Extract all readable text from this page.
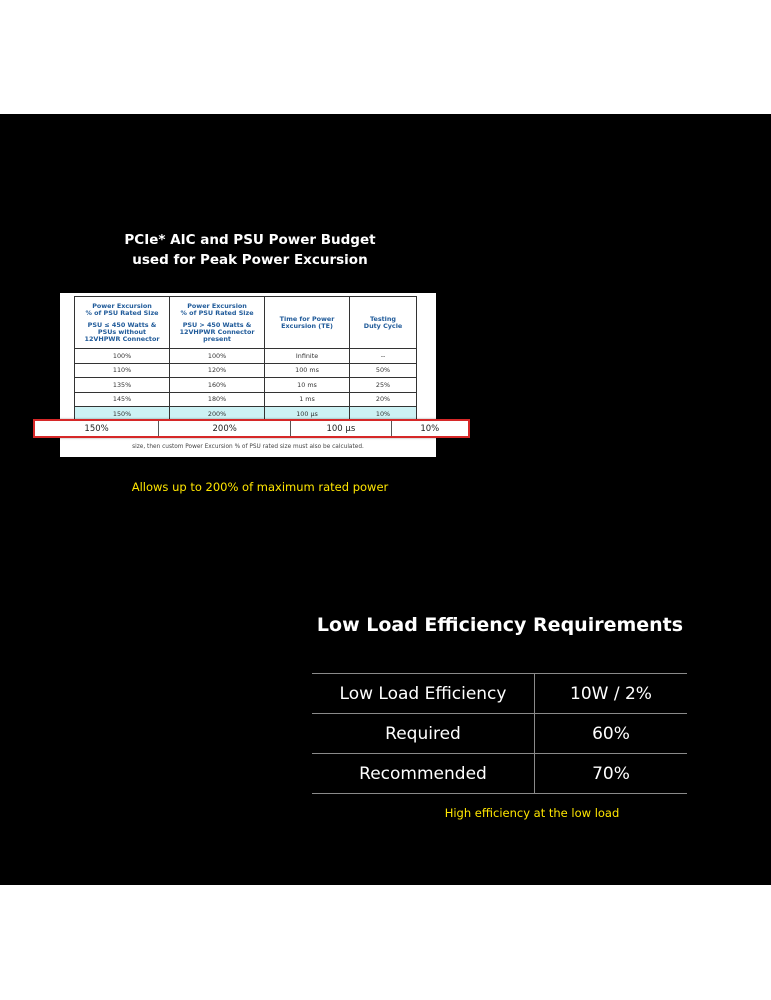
PCIe* AIC and PSU Power Budget
used for Peak Power Excursion
Power Excursion
% of PSU Rated Size
PSU ≤ 450 Watts &
PSUs without
12VHPWR Connector	Power Excursion
% of PSU Rated Size
PSU > 450 Watts &
12VHPWR Connector
present	Time for Power
Excursion (TE)	Testing
Duty Cycle

100%	100%	Infinite	--
110%	120%	100 ms	50%
135%	160%	10 ms	25%
145%	180%	1 ms	20%
150%	200%	100 µs	10%
size, then custom Power Excursion % of PSU rated size must also be calculated.
150%	200%	100 µs	10%
Allows up to 200% of maximum rated power
Low Load Efficiency Requirements
Low Load Efficiency	10W / 2%
Required	60%
Recommended	70%
High efficiency at the low load
